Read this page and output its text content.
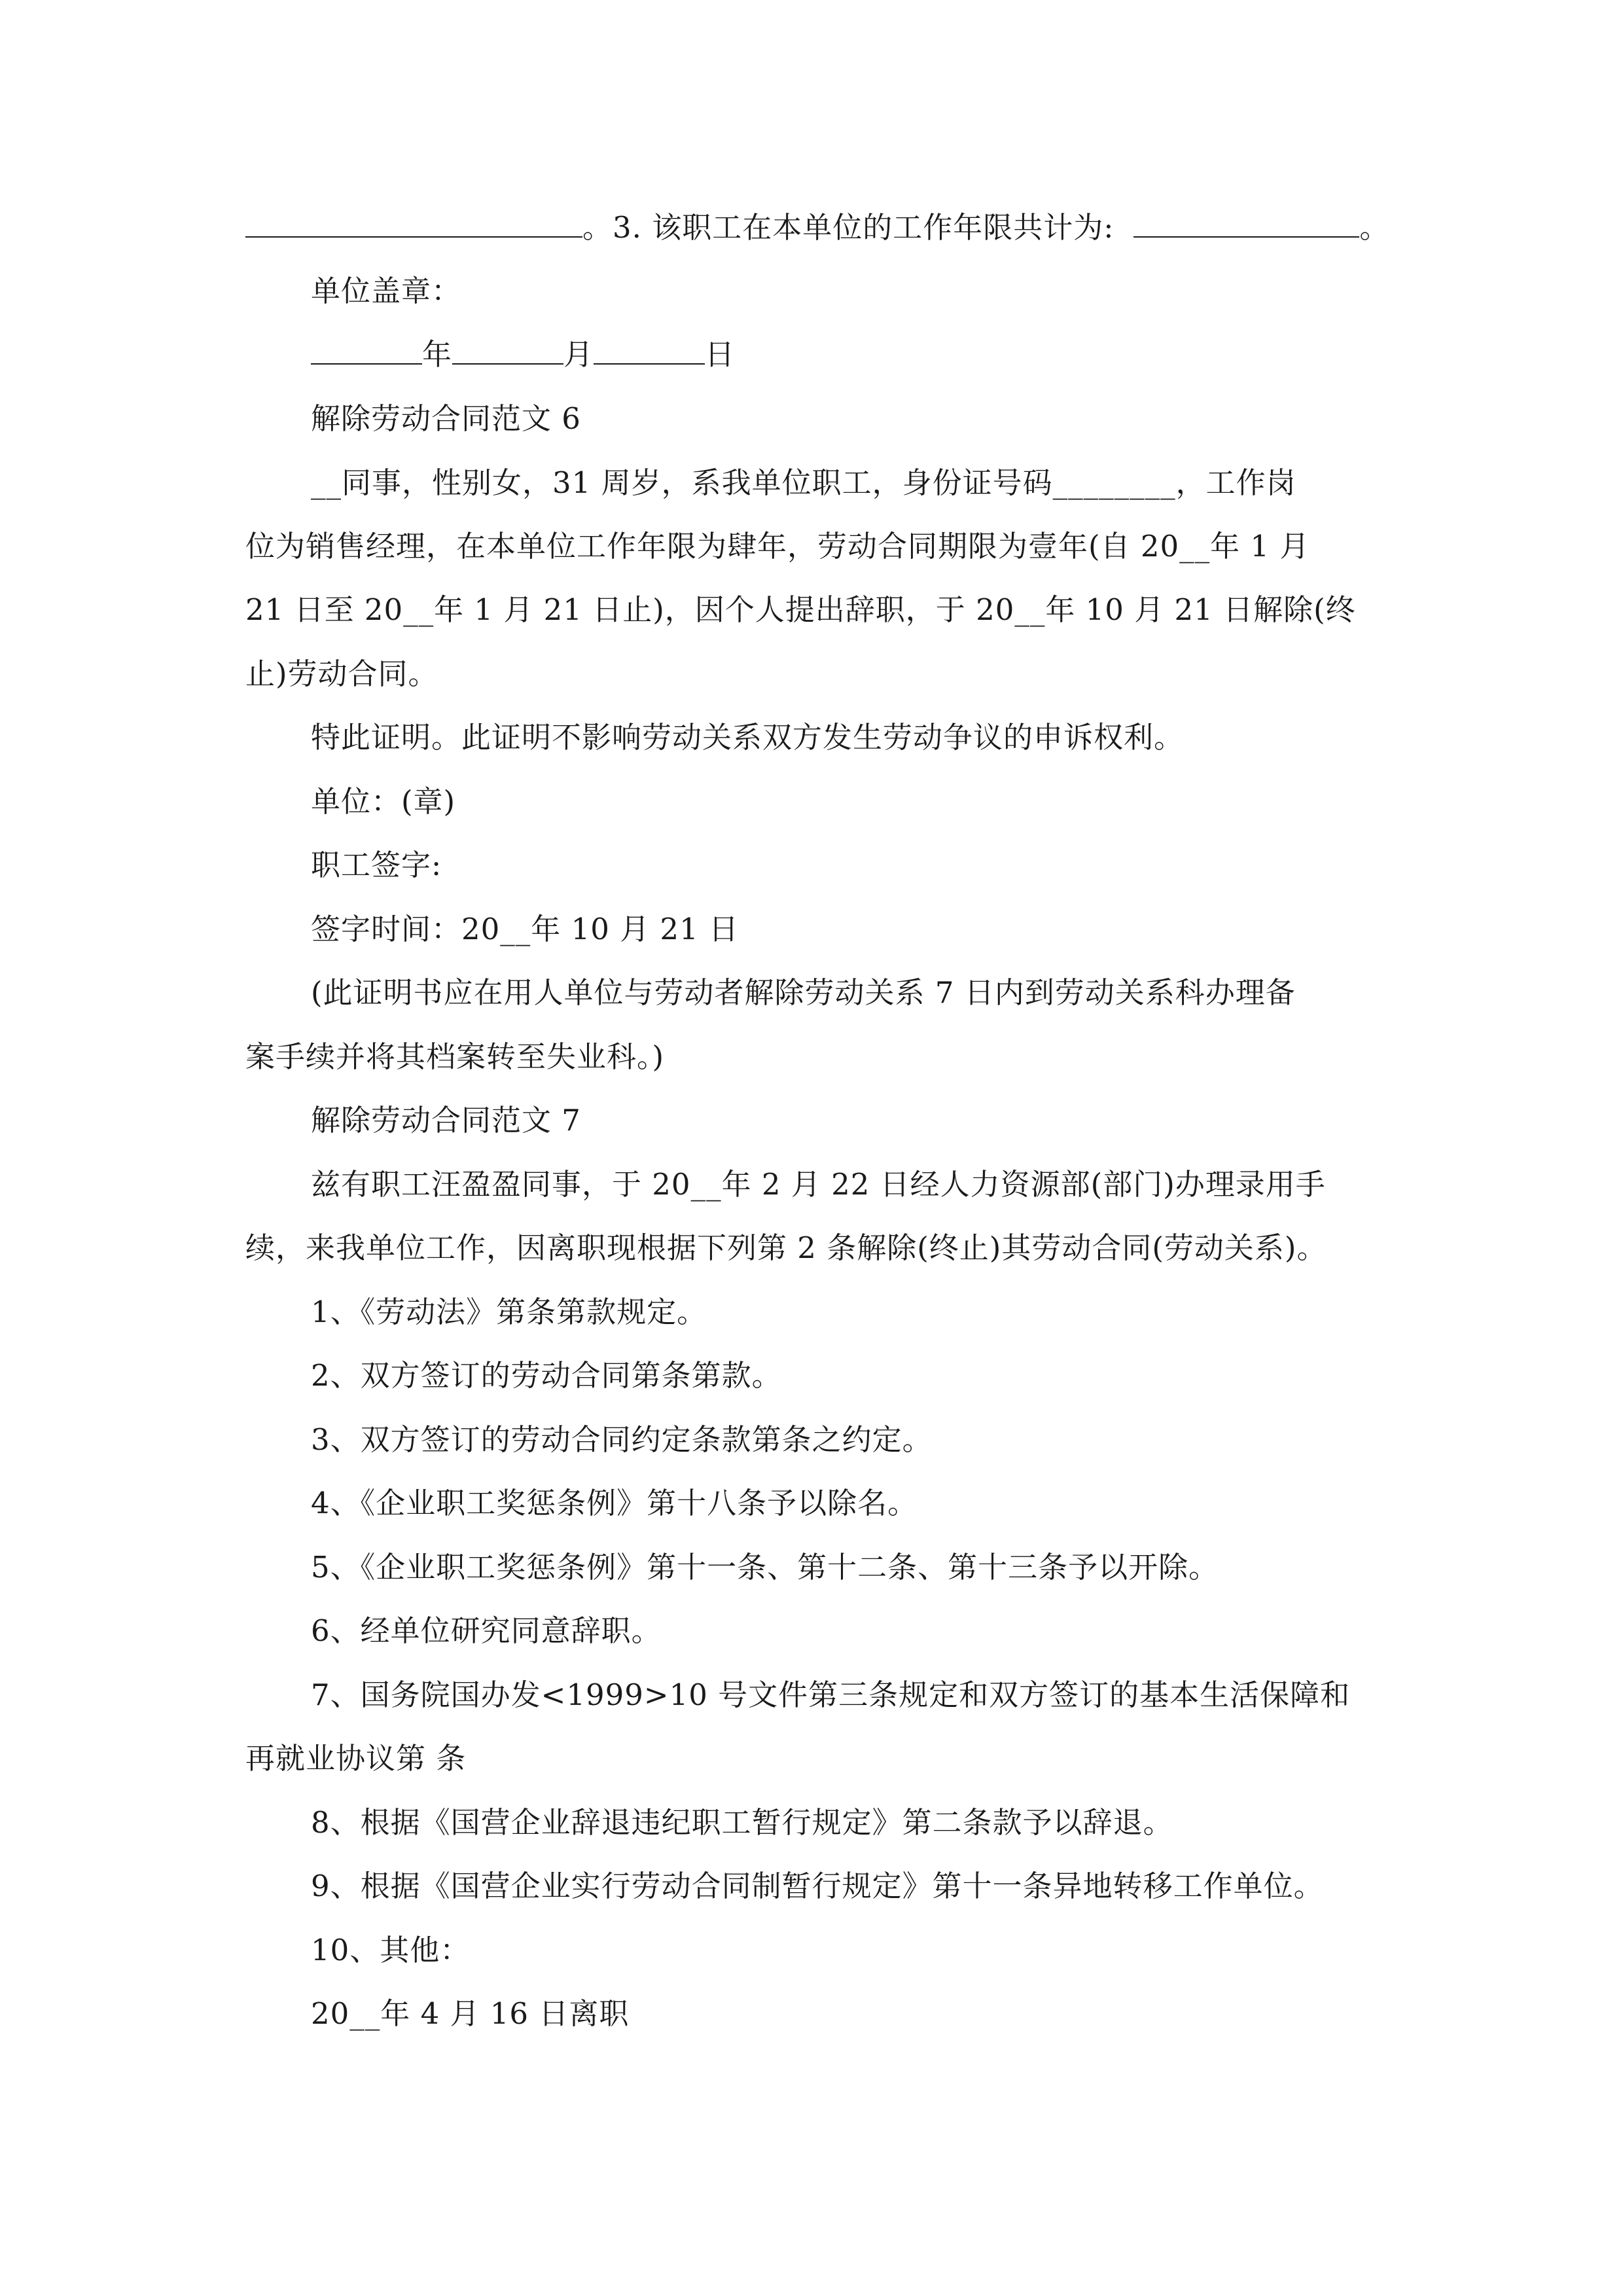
。3. 该职工在本单位的工作年限共计为:	。
单位盖章：
年	月	日
解除劳动合同范文 6
__同事，性别女，31 周岁，系我单位职工，身份证号码________，工作岗
位为销售经理，在本单位工作年限为肆年，劳动合同期限为壹年(自 20__年 1 月
21 日至 20__年 1 月 21 日止)，因个人提出辞职，于 20__年 10 月 21 日解除(终
止)劳动合同。
特此证明。此证明不影响劳动关系双方发生劳动争议的申诉权利。
单位：(章)
职工签字:
签字时间：20__年 10 月 21 日
(此证明书应在用人单位与劳动者解除劳动关系 7 日内到劳动关系科办理备
案手续并将其档案转至失业科。)
解除劳动合同范文 7
兹有职工汪盈盈同事，于 20__年 2 月 22 日经人力资源部(部门)办理录用手
续，来我单位工作，因离职现根据下列第 2 条解除(终止)其劳动合同(劳动关系)。
1、《劳动法》第条第款规定。
2、双方签订的劳动合同第条第款。
3、双方签订的劳动合同约定条款第条之约定。
4、《企业职工奖惩条例》第十八条予以除名。
5、《企业职工奖惩条例》第十一条、第十二条、第十三条予以开除。
6、经单位研究同意辞职。
7、国务院国办发<1999>10 号文件第三条规定和双方签订的基本生活保障和
再就业协议第 条
8、根据《国营企业辞退违纪职工暂行规定》第二条款予以辞退。
9、根据《国营企业实行劳动合同制暂行规定》第十一条异地转移工作单位。
10、其他：
20__年 4 月 16 日离职
